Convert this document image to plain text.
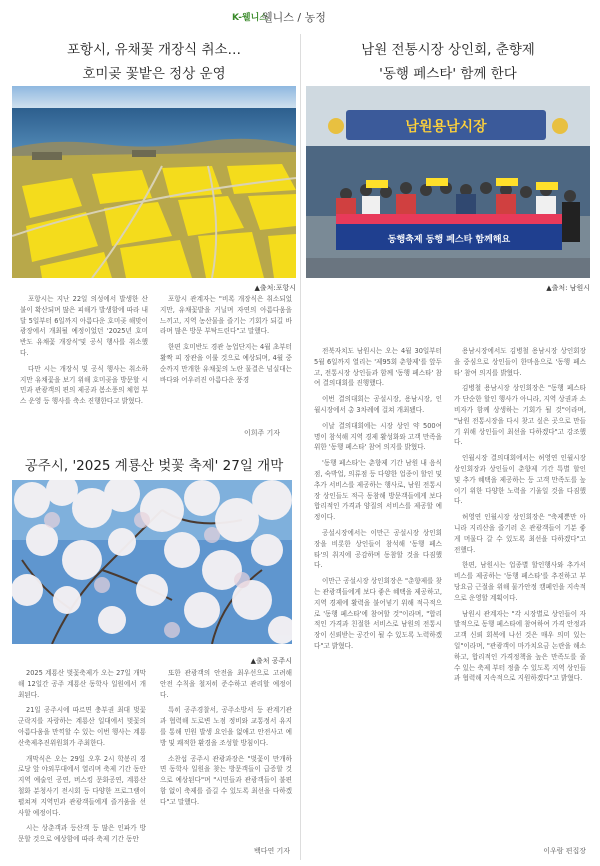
K-웰니스
웰니스 / 농정
포항시, 유채꽃 개장식 취소…
호미곶 꽃밭은 정상 운영
▲출처:포항시

포항시는 지난 22일 의성에서 발생한 산불이 확산되며 많은 피해가 발생함에 따라 내달 5일부터 6일까지 아름다운 호미곶 해맞이 광장에서 개최될 예정이었던 '2025년 호미반도 유채꽃 개장식'및 공식 행사를 취소했다.

다만 시는 개장식 및 공식 행사는 취소하지만 유채꽃을 보기 위해 호미곶을 방문할 시민과 관광객의 편의 제공과 봄소풍의 체험 부스 운영 등 행사를 축소 진행한다고 밝혔다.

포항시 관계자는 "비록 개장식은 취소되었지만, 유채꽃밭을 거닐며 자연의 아름다움을 느끼고, 지역 농산물을 즐기는 기회가 되길 바라며 많은 방문 부탁드린다"고 말했다.

한편 호미반도 경관 농업단지는 4월 초부터 활짝 피 장관을 이룰 것으로 예상되며, 4월 중순까지 만개한 유채꽃의 노란 물결은 넘실대는 바다와 어우러진 아름다운 풍경

이희주 기자
공주시, '2025 계룡산 벚꽃 축제' 27일 개막
▲출처 공주시

2025 계룡산 벚꽃축제가 오는 27일 개막해 12일간 공주 계룡산 동학사 일원에서 개최된다.

21일 공주시에 따르면 충부권 최대 벚꽃군락지를 자랑하는 계룡산 일대에서 벚꽃의 아름다움을 만끽할 수 있는 이번 행사는 계룡산축제추진위원회가 주최한다.

개막식은 오는 29일 오후 2시 학봉리 경로당 앞 야외무대에서 열리며 축제 기간 동안 지역 예술인 공연, 버스킹 문화공연, 계룡산 철화 분청사기 전시회 등 다양한 프로그램이 펼쳐져 지역민과 관광객들에게 즐거움을 선사할 예정이다.

시는 상춘객과 등산객 등 많은 인파가 방문할 것으로 예상함에 따라 축제 기간 동안

또한 관광객의 안전을 최우선으로 고려해 안전 수칙을 철저히 준수하고 관리할 예정이다.

특히 공주경찰서, 공주소방서 등 관계기관과 협력해 도로변 노점 정비와 교통정서 유지를 통해 민원 발생 요인을 없애고 안전사고 예방 및 쾌적한 환경을 조성할 방침이다.

소찬섭 공주시 관광과장은 "벚꽃이 만개하면 동학사 일원을 찾는 방문객들이 급증할 것으로 예상된다"며 "시민들과 관광객들이 불편함 없이 축제를 즐길 수 있도록 최선을 다하겠다"고 말했다.

백다연 기자
남원 전통시장 상인회, 춘향제
'동행 페스타' 함께 한다
남원용남시장
동행축제 동행 페스타 함께해요
▲출처: 남원시

전북자치도 남원시는 오는 4월 30일부터 5월 6일까지 열리는 '제95회 춘향제'를 앞두고, 전통시장 상인들과 함께 '동행 페스타' 참여 결의대회를 진행했다.

이번 결의대회는 공설시장, 용남시장, 인월시장에서 총 3차례에 걸쳐 개최됐다.

이날 결의대회에는 시장 상인 약 500여 명이 참석해 지역 경제 활성화와 고객 만족을 위한 '동행 페스타' 참여 의지를 밝혔다.

'동행 페스타'는 춘향제 기간 남원 내 음식점, 숙박업, 의류점 등 다양한 업종이 할인 및 추가 서비스를 제공하는 행사로, 남원 전통시장 상인들도 적극 동참해 방문객들에게 보다 합리적인 가격과 양질의 서비스를 제공할 예정이다.

공설시장에서는 이만근 공설시장 상인회장을 비롯한 상인들이 참석해 '동행 페스타'의 취지에 공감하며 동참할 것을 다짐했다.

이만근 공설시장 상인회장은 "춘향제를 찾는 관광객들에게 보다 좋은 혜택을 제공하고, 지역 경제에 활력을 불어넣기 위해 적극적으로 '동행 페스타'에 참여할 것"이라며, "합리적인 가격과 친절한 서비스로 남원의 전통시장이 신뢰받는 공간이 될 수 있도록 노력하겠다"고 밝혔다.

용남시장에서도 김병철 용남시장 상인회장을 중심으로 상인들이 한마음으로 '동행 페스타' 참여 의지를 밝혔다.

김병철 용남시장 상인회장은 "동행 페스타가 단순한 할인 행사가 아니라, 지역 상권과 소비자가 함께 상생하는 기회가 될 것"이라며, "남원 전통시장을 다시 찾고 싶은 곳으로 만들기 위해 상인들이 최선을 다하겠다"고 강조했다.

인월시장 결의대회에서는 허영연 인월시장 상인회장과 상인들이 춘향제 기간 특별 할인 및 추가 혜택을 제공하는 등 고객 만족도를 높이기 위한 다양한 노력을 기울일 것을 다짐했다.

허영연 인월시장 상인회장은 "축제뿐만 아니라 지리산을 즐기러 온 관광객들이 기분 좋게 머물다 갈 수 있도록 최선을 다하겠다"고 전했다.

한편, 남원시는 업종별 할인행사와 추가서비스를 제공하는 '동행 페스타'를 추진하고 부당요금 근절을 위해 물가안정 캠페인을 지속적으로 운영할 계획이다.

남원시 관계자는 "각 시장별로 상인들이 자발적으로 동행 페스타에 참여하여 가격 안정과 고객 신뢰 회복에 나선 것은 매우 의미 있는 일"이라며, "관광객이 마가치요금 논란을 해소하고, 합리적인 가격정책을 높은 만족도를 줄수 있는 축제 부터 정출 수 있도록 지역 상인들과 협력해 지속적으로 지원하겠다"고 밝혔다.

이우람 편집장
